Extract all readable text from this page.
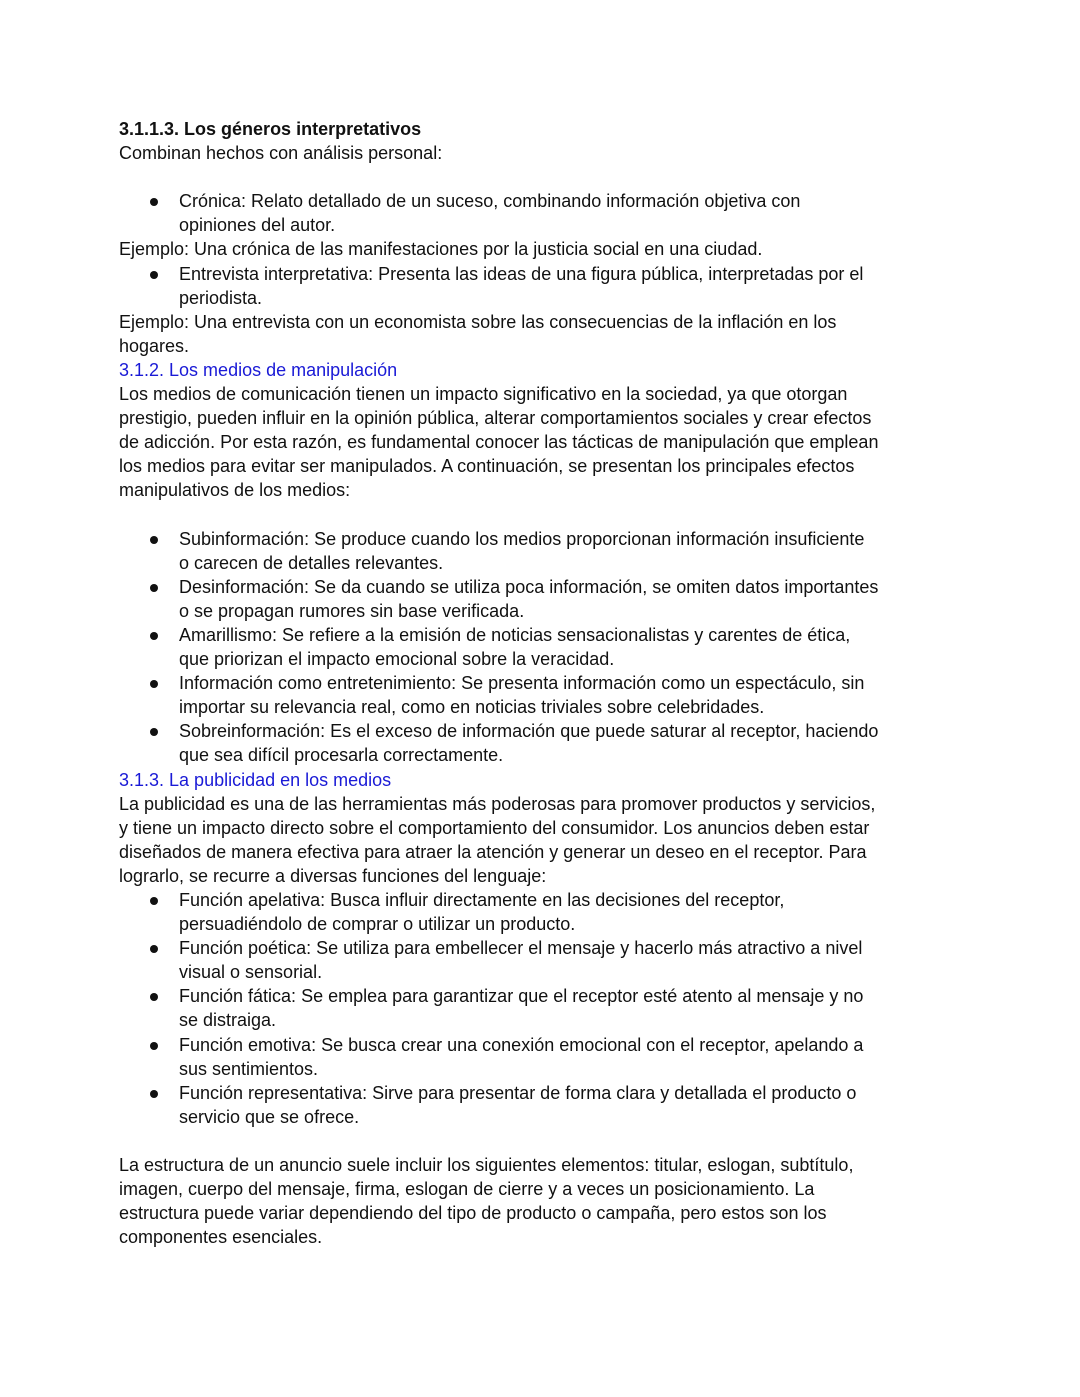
3.1.1.3. Los géneros interpretativos
Combinan hechos con análisis personal:
Crónica: Relato detallado de un suceso, combinando información objetiva con opiniones del autor.
Ejemplo: Una crónica de las manifestaciones por la justicia social en una ciudad.
Entrevista interpretativa: Presenta las ideas de una figura pública, interpretadas por el periodista.
Ejemplo: Una entrevista con un economista sobre las consecuencias de la inflación en los hogares.
3.1.2. Los medios de manipulación
Los medios de comunicación tienen un impacto significativo en la sociedad, ya que otorgan prestigio, pueden influir en la opinión pública, alterar comportamientos sociales y crear efectos de adicción. Por esta razón, es fundamental conocer las tácticas de manipulación que emplean los medios para evitar ser manipulados. A continuación, se presentan los principales efectos manipulativos de los medios:
Subinformación: Se produce cuando los medios proporcionan información insuficiente o carecen de detalles relevantes.
Desinformación: Se da cuando se utiliza poca información, se omiten datos importantes o se propagan rumores sin base verificada.
Amarillismo: Se refiere a la emisión de noticias sensacionalistas y carentes de ética, que priorizan el impacto emocional sobre la veracidad.
Información como entretenimiento: Se presenta información como un espectáculo, sin importar su relevancia real, como en noticias triviales sobre celebridades.
Sobreinformación: Es el exceso de información que puede saturar al receptor, haciendo que sea difícil procesarla correctamente.
3.1.3. La publicidad en los medios
La publicidad es una de las herramientas más poderosas para promover productos y servicios, y tiene un impacto directo sobre el comportamiento del consumidor. Los anuncios deben estar diseñados de manera efectiva para atraer la atención y generar un deseo en el receptor. Para lograrlo, se recurre a diversas funciones del lenguaje:
Función apelativa: Busca influir directamente en las decisiones del receptor, persuadiéndolo de comprar o utilizar un producto.
Función poética: Se utiliza para embellecer el mensaje y hacerlo más atractivo a nivel visual o sensorial.
Función fática: Se emplea para garantizar que el receptor esté atento al mensaje y no se distraiga.
Función emotiva: Se busca crear una conexión emocional con el receptor, apelando a sus sentimientos.
Función representativa: Sirve para presentar de forma clara y detallada el producto o servicio que se ofrece.
La estructura de un anuncio suele incluir los siguientes elementos: titular, eslogan, subtítulo, imagen, cuerpo del mensaje, firma, eslogan de cierre y a veces un posicionamiento. La estructura puede variar dependiendo del tipo de producto o campaña, pero estos son los componentes esenciales.
